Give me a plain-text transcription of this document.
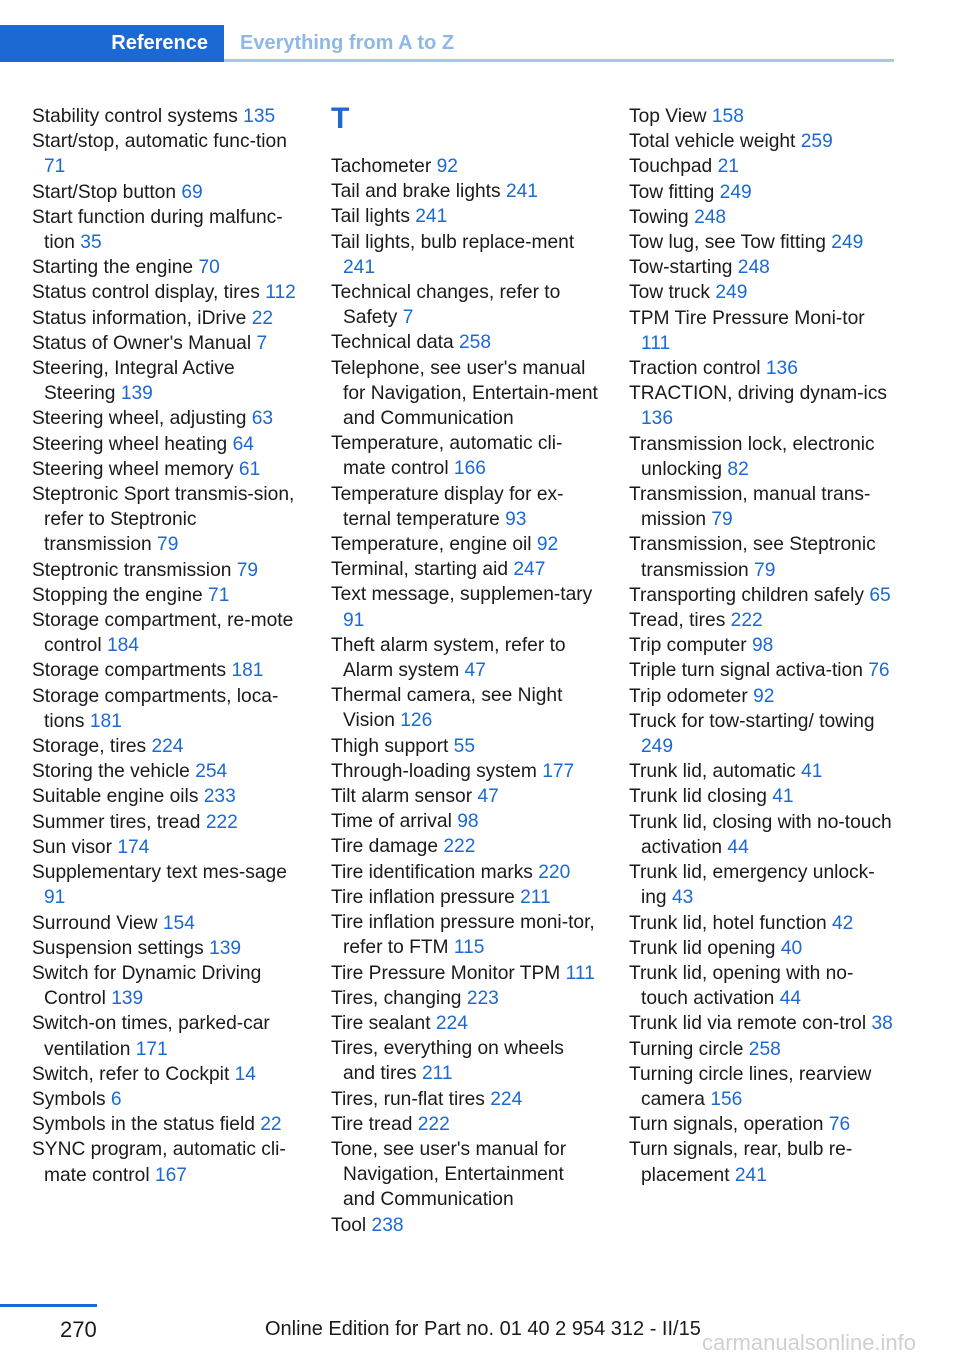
Reference	Everything from A to Z
Stability control systems 135
Start/stop, automatic func-tion 71
Start/Stop button 69
Start function during malfunc-tion 35
Starting the engine 70
Status control display, tires 112
Status information, iDrive 22
Status of Owner's Manual 7
Steering, Integral Active Steering 139
Steering wheel, adjusting 63
Steering wheel heating 64
Steering wheel memory 61
Steptronic Sport transmis-sion, refer to Steptronic transmission 79
Steptronic transmission 79
Stopping the engine 71
Storage compartment, re-mote control 184
Storage compartments 181
Storage compartments, loca-tions 181
Storage, tires 224
Storing the vehicle 254
Suitable engine oils 233
Summer tires, tread 222
Sun visor 174
Supplementary text mes-sage 91
Surround View 154
Suspension settings 139
Switch for Dynamic Driving Control 139
Switch-on times, parked-car ventilation 171
Switch, refer to Cockpit 14
Symbols 6
Symbols in the status field 22
SYNC program, automatic cli-mate control 167
T
Tachometer 92
Tail and brake lights 241
Tail lights 241
Tail lights, bulb replace-ment 241
Technical changes, refer to Safety 7
Technical data 258
Telephone, see user's manual for Navigation, Entertain-ment and Communication
Temperature, automatic cli-mate control 166
Temperature display for ex-ternal temperature 93
Temperature, engine oil 92
Terminal, starting aid 247
Text message, supplemen-tary 91
Theft alarm system, refer to Alarm system 47
Thermal camera, see Night Vision 126
Thigh support 55
Through-loading system 177
Tilt alarm sensor 47
Time of arrival 98
Tire damage 222
Tire identification marks 220
Tire inflation pressure 211
Tire inflation pressure moni-tor, refer to FTM 115
Tire Pressure Monitor TPM 111
Tires, changing 223
Tire sealant 224
Tires, everything on wheels and tires 211
Tires, run-flat tires 224
Tire tread 222
Tone, see user's manual for Navigation, Entertainment and Communication
Tool 238
Top View 158
Total vehicle weight 259
Touchpad 21
Tow fitting 249
Towing 248
Tow lug, see Tow fitting 249
Tow-starting 248
Tow truck 249
TPM Tire Pressure Moni-tor 111
Traction control 136
TRACTION, driving dynam-ics 136
Transmission lock, electronic unlocking 82
Transmission, manual trans-mission 79
Transmission, see Steptronic transmission 79
Transporting children safely 65
Tread, tires 222
Trip computer 98
Triple turn signal activa-tion 76
Trip odometer 92
Truck for tow-starting/ towing 249
Trunk lid, automatic 41
Trunk lid closing 41
Trunk lid, closing with no-touch activation 44
Trunk lid, emergency unlock-ing 43
Trunk lid, hotel function 42
Trunk lid opening 40
Trunk lid, opening with no-touch activation 44
Trunk lid via remote con-trol 38
Turning circle 258
Turning circle lines, rearview camera 156
Turn signals, operation 76
Turn signals, rear, bulb re-placement 241
270	Online Edition for Part no. 01 40 2 954 312 - II/15
carmanualsonline.info
